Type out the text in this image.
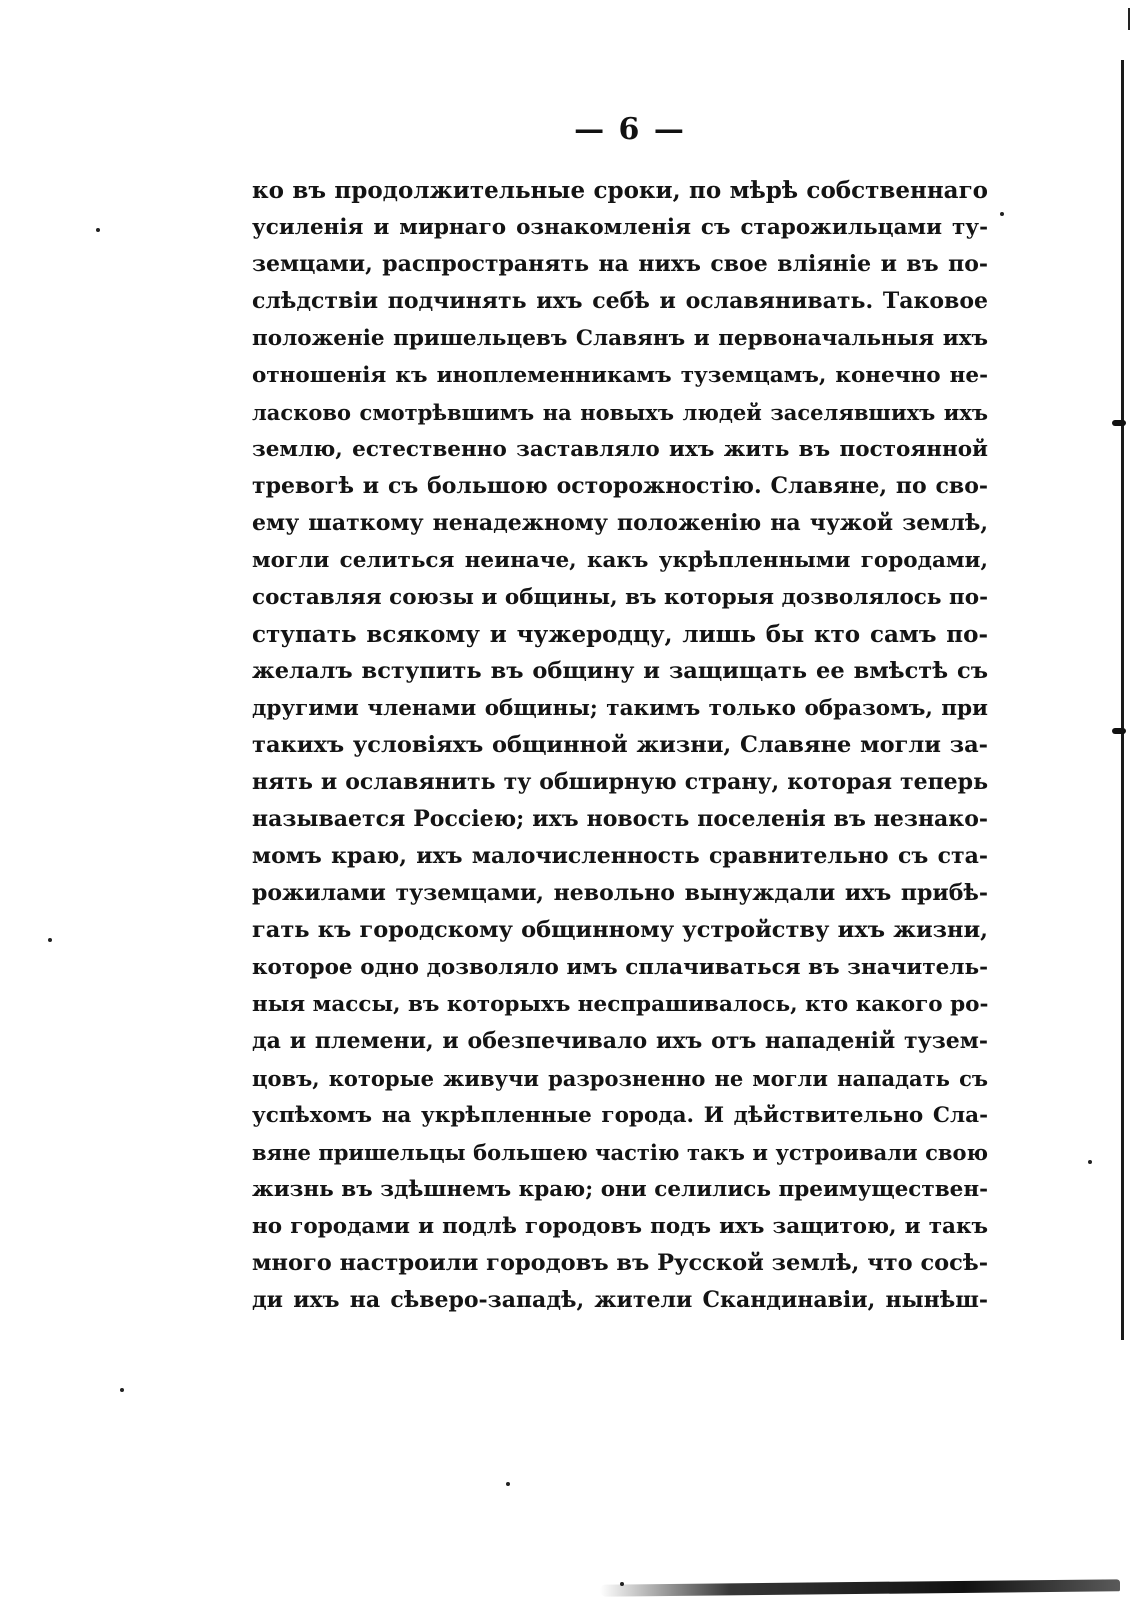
— 6 —
ко въ продолжительные сроки, по мѣрѣ собственнаго
усиленія и мирнаго ознакомленія съ старожильцами ту-
земцами, распространять на нихъ свое вліяніе и въ по-
слѣдствіи подчинять ихъ себѣ и ославянивать. Таковое
положеніе пришельцевъ Славянъ и первоначальныя ихъ
отношенія къ иноплеменникамъ туземцамъ, конечно не-
ласково смотрѣвшимъ на новыхъ людей заселявшихъ ихъ
землю, естественно заставляло ихъ жить въ постоянной
тревогѣ и съ большою осторожностію. Славяне, по сво-
ему шаткому ненадежному положенію на чужой землѣ,
могли селиться неиначе, какъ укрѣпленными городами,
составляя союзы и общины, въ которыя дозволялось по-
ступать всякому и чужеродцу, лишь бы кто самъ по-
желалъ вступить въ общину и защищать ее вмѣстѣ съ
другими членами общины; такимъ только образомъ, при
такихъ условіяхъ общинной жизни, Славяне могли за-
нять и ославянить ту обширную страну, которая теперь
называется Россіею; ихъ новость поселенія въ незнако-
момъ краю, ихъ малочисленность сравнительно съ ста-
рожилами туземцами, невольно вынуждали ихъ прибѣ-
гать къ городскому общинному устройству ихъ жизни,
которое одно дозволяло имъ сплачиваться въ значитель-
ныя массы, въ которыхъ неспрашивалось, кто какого ро-
да и племени, и обезпечивало ихъ отъ нападеній тузем-
цовъ, которые живучи разрозненно не могли нападать съ
успѣхомъ на укрѣпленные города. И дѣйствительно Сла-
вяне пришельцы большею частію такъ и устроивали свою
жизнь въ здѣшнемъ краю; они селились преимуществен-
но городами и подлѣ городовъ подъ ихъ защитою, и такъ
много настроили городовъ въ Русской землѣ, что сосѣ-
ди ихъ на сѣверо-западѣ, жители Скандинавіи, нынѣш-
